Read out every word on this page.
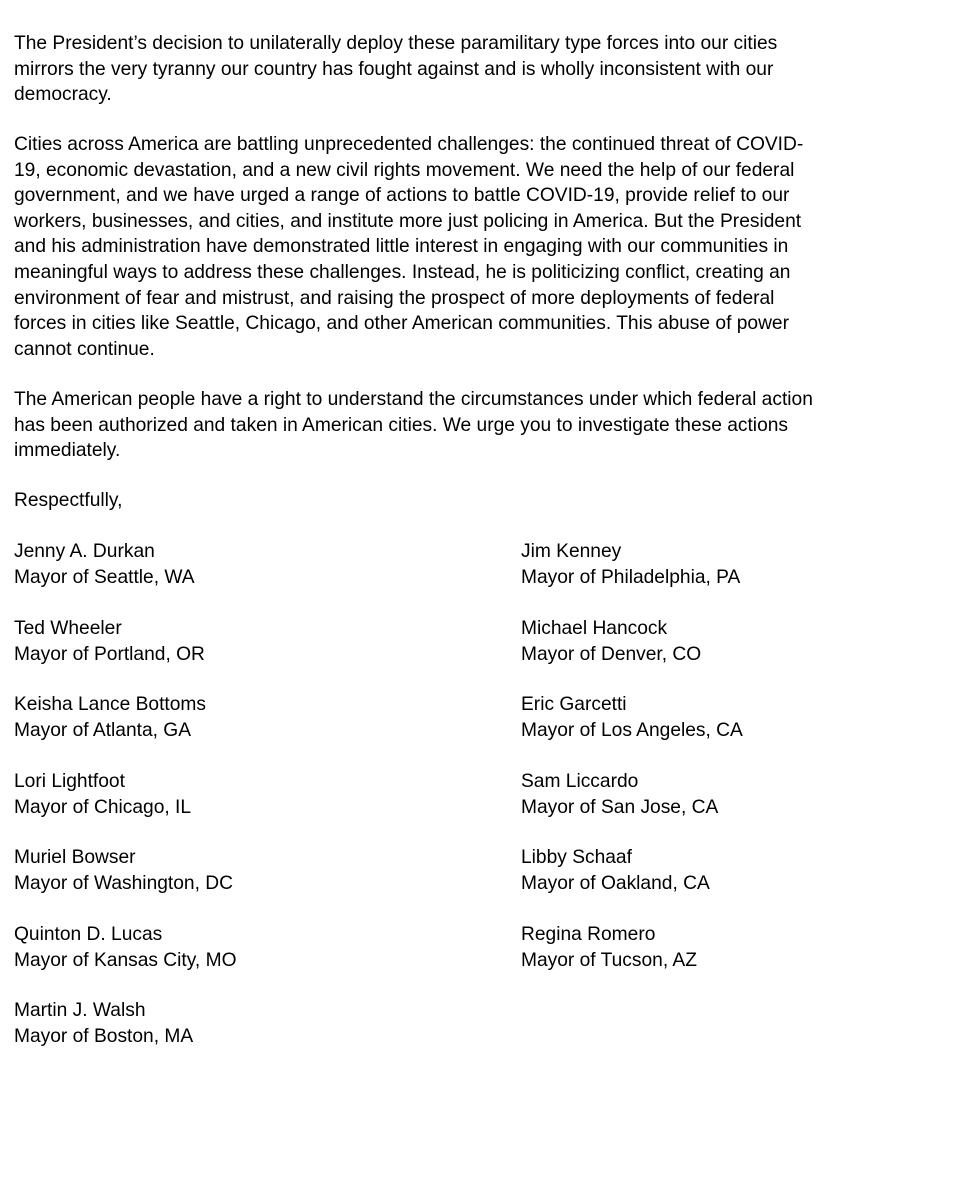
The President’s decision to unilaterally deploy these paramilitary type forces into our cities
mirrors the very tyranny our country has fought against and is wholly inconsistent with our
democracy.

Cities across America are battling unprecedented challenges: the continued threat of COVID-
19, economic devastation, and a new civil rights movement. We need the help of our federal
government, and we have urged a range of actions to battle COVID-19, provide relief to our
workers, businesses, and cities, and institute more just policing in America. But the President
and his administration have demonstrated little interest in engaging with our communities in
meaningful ways to address these challenges. Instead, he is politicizing conflict, creating an
environment of fear and mistrust, and raising the prospect of more deployments of federal
forces in cities like Seattle, Chicago, and other American communities. This abuse of power
cannot continue.

The American people have a right to understand the circumstances under which federal action
has been authorized and taken in American cities. We urge you to investigate these actions
immediately.

Respectfully,

Jenny A. Durkan
Mayor of Seattle, WA
Ted Wheeler
Mayor of Portland, OR
Keisha Lance Bottoms
Mayor of Atlanta, GA
Lori Lightfoot
Mayor of Chicago, IL
Muriel Bowser
Mayor of Washington, DC
Quinton D. Lucas
Mayor of Kansas City, MO
Martin J. Walsh
Mayor of Boston, MA
Jim Kenney
Mayor of Philadelphia, PA
Michael Hancock
Mayor of Denver, CO
Eric Garcetti
Mayor of Los Angeles, CA
Sam Liccardo
Mayor of San Jose, CA
Libby Schaaf
Mayor of Oakland, CA
Regina Romero
Mayor of Tucson, AZ
